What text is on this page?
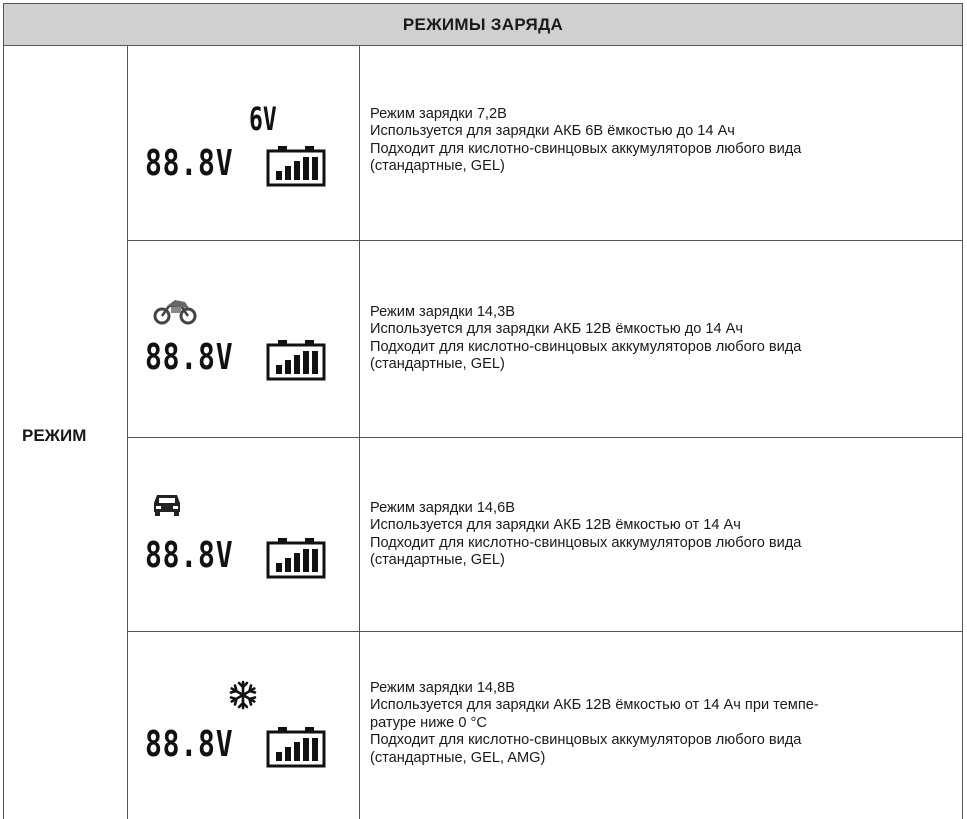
РЕЖИМЫ ЗАРЯДА
РЕЖИМ
6V
88.8V
Режим зарядки 7,2В
Используется для зарядки АКБ 6В ёмкостью до 14 Ач
Подходит для кислотно-свинцовых аккумуляторов любого вида
(стандартные, GEL)
88.8V
Режим зарядки 14,3В
Используется для зарядки АКБ 12В ёмкостью до 14 Ач
Подходит для кислотно-свинцовых аккумуляторов любого вида
(стандартные, GEL)
88.8V
Режим зарядки 14,6В
Используется для зарядки АКБ 12В ёмкостью от 14 Ач
Подходит для кислотно-свинцовых аккумуляторов любого вида
(стандартные, GEL)
88.8V
Режим зарядки 14,8В
Используется для зарядки АКБ 12В ёмкостью от 14 Ач при темпе-
ратуре ниже 0 °С
Подходит для кислотно-свинцовых аккумуляторов любого вида
(стандартные, GEL, AMG)
